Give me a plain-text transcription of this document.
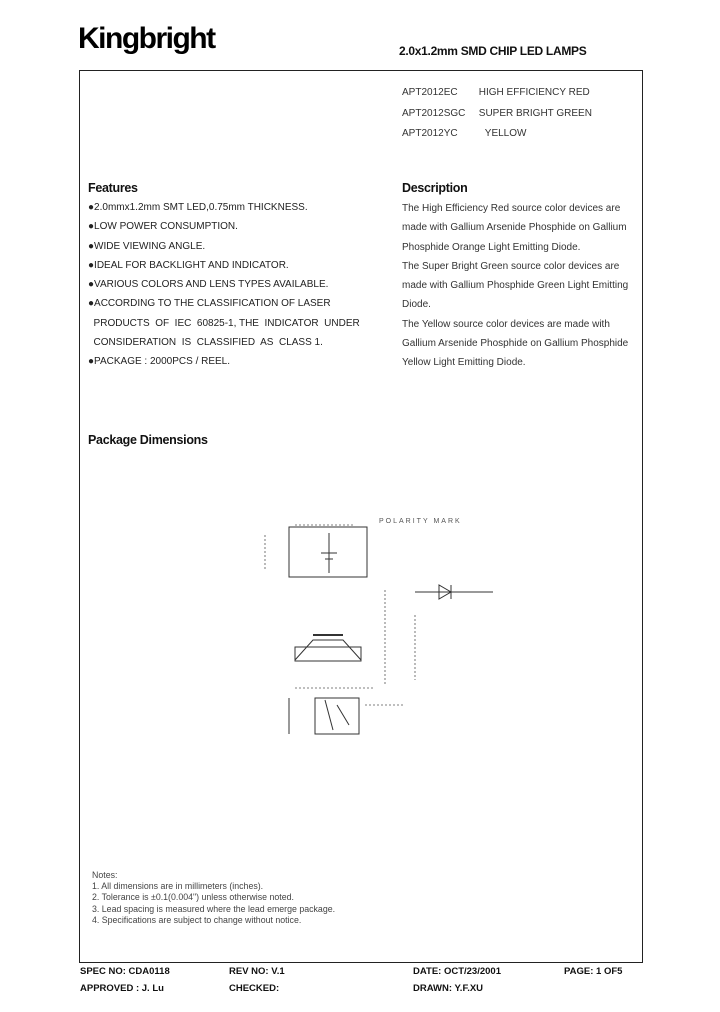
Kingbright	2.0x1.2mm SMD CHIP LED LAMPS
APT2012EC HIGH EFFICIENCY RED
APT2012SGC SUPER BRIGHT GREEN
APT2012YC	YELLOW
Features
●2.0mmx1.2mm SMT LED,0.75mm THICKNESS.
●LOW POWER CONSUMPTION.
●WIDE VIEWING ANGLE.
●IDEAL FOR BACKLIGHT AND INDICATOR.
●VARIOUS COLORS AND LENS TYPES AVAILABLE.
●ACCORDING TO THE CLASSIFICATION OF LASER
PRODUCTS  OF  IEC  60825-1, THE  INDICATOR  UNDER
CONSIDERATION  IS  CLASSIFIED  AS  CLASS 1.
●PACKAGE : 2000PCS / REEL.
Description
The High Efficiency Red source color devices are
made with Gallium Arsenide Phosphide on Gallium
Phosphide Orange Light Emitting Diode.
The Super Bright Green source color devices are
made with Gallium Phosphide Green Light Emitting
Diode.
The Yellow source color devices are made with
Gallium Arsenide Phosphide on Gallium Phosphide
Yellow Light Emitting Diode.
Package Dimensions
POLARITY MARK
Notes:
1. All dimensions are in millimeters (inches).
2. Tolerance is ±0.1(0.004") unless otherwise noted.
3. Lead spacing is measured where the lead emerge package.
4. Specifications are subject to change without notice.
SPEC NO: CDA0118	REV NO: V.1	DATE: OCT/23/2001	PAGE: 1 OF5
APPROVED : J. Lu	CHECKED:	DRAWN: Y.F.XU
